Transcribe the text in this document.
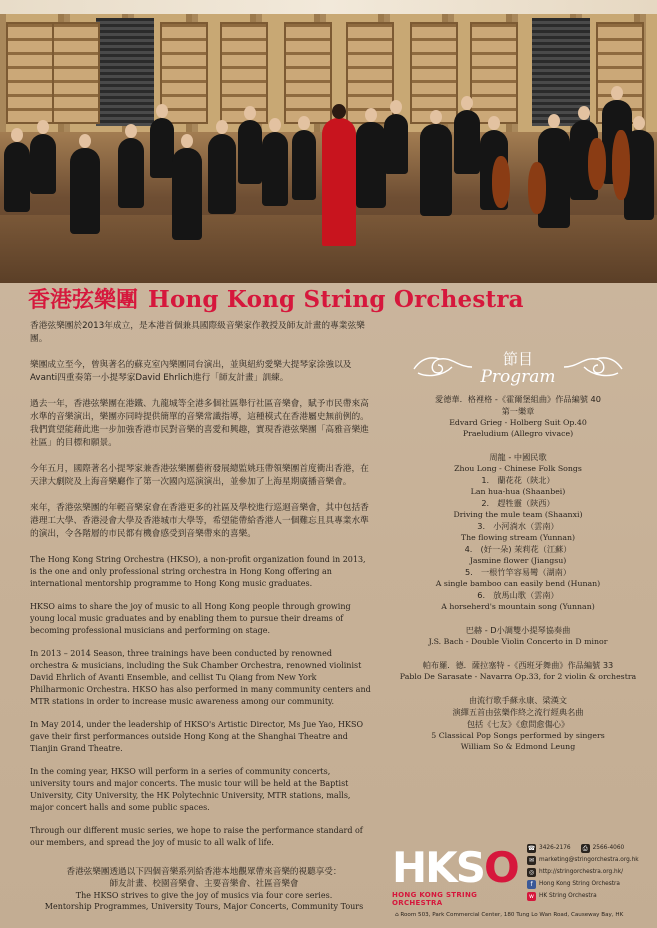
香港弦樂團 Hong Kong String Orchestra

香港弦樂團於2013年成立，是本港首個兼具國際級音樂家作教授及師友計畫的專業弦樂團。

樂團成立至今，曾與著名的蘇克室內樂團同台演出，並與紐約愛樂大提琴家涂強以及Avanti四重奏第一小提琴家David Ehrlich進行「師友計畫」訓練。

過去一年，香港弦樂團在港鐵、九龍城等全港多個社區舉行社區音樂會，賦予市民帶來高水準的音樂演出，樂團亦同時提供簡單的音樂常識指導，這種模式在香港屬史無前例的。我們賞望能藉此進一步加強香港市民對音樂的喜愛和興趣，實現香港弦樂團「高雅音樂進社區」的目標和願景。

今年五月，國際著名小提琴家兼香港弦樂團藝術發展總監姚珏帶領樂團首度衝出香港，在天津大劇院及上海音樂廳作了第一次國內巡演演出，並參加了上海星期廣播音樂會。

來年，香港弦樂團的年輕音樂家會在香港更多的社區及學校進行巡迴音樂會，其中包括香港理工大學、香港浸會大學及香港城市大學等，希望能帶給香港人一個難忘且具專業水準的演出，令各階層的市民都有機會感受到音樂帶來的喜樂。

The Hong Kong String Orchestra (HKSO), a non-profit organization found in 2013, is the one and only professional string orchestra in Hong Kong offering an international mentorship programme to Hong Kong music graduates.

HKSO aims to share the joy of music to all Hong Kong people through growing young local music graduates and by enabling them to pursue their dreams of becoming professional musicians and performing on stage.

In 2013 – 2014 Season, three trainings have been conducted by renowned orchestra & musicians, including the Suk Chamber Orchestra, renowned violinist David Ehrlich of Avanti Ensemble, and cellist Tu Qiang from New York Philharmonic Orchestra. HKSO has also performed in many community centers and MTR stations in order to increase music awareness among our community.

In May 2014, under the leadership of HKSO's Artistic Director, Ms Jue Yao, HKSO gave their first performances outside Hong Kong at the Shanghai Theatre and Tianjin Grand Theatre.

In the coming year, HKSO will perform in a series of community concerts, university tours and major concerts. The music tour will be held at the Baptist University, City University, the HK Polytechnic University, MTR stations, malls, major concert halls and some public spaces.

Through our different music series, we hope to raise the performance standard of our members, and spread the joy of music to all walk of life.

香港弦樂團透過以下四個音樂系列給香港本地觀眾帶來音樂的視聽享受：
師友計畫、校園音樂會、主要音樂會、社區音樂會
The HKSO strives to give the joy of musics via four core series.
Mentorship Programmes, University Tours, Major Concerts, Community Tours
節目
Program
愛德華．格裡格 -《霍爾堡組曲》作品編號 40
第一樂章
Edvard Grieg - Holberg Suit Op.40
Praeludium (Allegro vivace)
周龍 - 中國民歌
Zhou Long - Chinese Folk Songs
1.　蘭花花（陝北）
Lan hua-hua (Shaanbei)
2.　趕牲靈（陝西）
Driving the mule team (Shaanxi)
3.　小河淌水（雲南）
The flowing stream (Yunnan)
4.　(好一朵) 茉莉花（江蘇）
Jasmine flower (Jiangsu)
5.　一根竹竿容易彎（湖南）
A single bamboo can easily bend (Hunan)
6.　放馬山歌（雲南）
A horseherd's mountain song (Yunnan)
巴赫 - D小調雙小提琴協奏曲
J.S. Bach - Double Violin Concerto in D minor
帕布羅．德．薩拉塞特 -《西班牙舞曲》作品編號 33
Pablo De Sarasate - Navarra Op.33, for 2 violin & orchestra
由流行歌手蘇永康、梁漢文
演繹五首由弦樂作終之流行經典名曲
包括《七友》《愈問愈傷心》
5 Classical Pop Songs performed by singers
William So & Edmond Leung
HKSO
HONG KONG STRING ORCHESTRA
☎ 3426-2176	⎙ 2566-4060
✉ marketing@stringorchestra.org.hk
◎ http://stringorchestra.org.hk/
f	Hong Kong String Orchestra
w HK String Orchestra
⌂ Room 503, Park Commercial Center, 180 Tung Lo Wan Road, Causeway Bay, HK
